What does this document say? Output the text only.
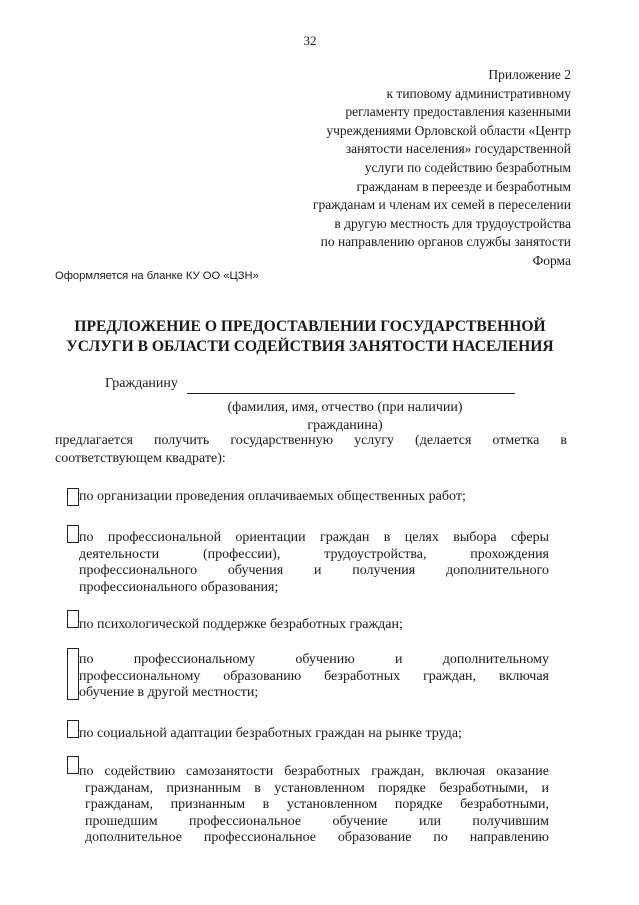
32
Приложение 2
к типовому административному
регламенту предоставления казенными
учреждениями Орловской области «Центр
занятости населения» государственной
услуги по содействию безработным
гражданам в переезде и безработным
гражданам и членам их семей в переселении
в другую местность для трудоустройства
по направлению органов службы занятости
Форма
Оформляется на бланке КУ ОО «ЦЗН»
ПРЕДЛОЖЕНИЕ О ПРЕДОСТАВЛЕНИИ ГОСУДАРСТВЕННОЙ
УСЛУГИ В ОБЛАСТИ СОДЕЙСТВИЯ ЗАНЯТОСТИ НАСЕЛЕНИЯ
Гражданину
(фамилия, имя, отчество (при наличии)
гражданина)
предлагается получить государственную услугу (делается отметка в
соответствующем квадрате):
по организации проведения оплачиваемых общественных работ;
по профессиональной ориентации граждан в целях выбора сферы
деятельности (профессии), трудоустройства, прохождения
профессионального обучения и получения дополнительного
профессионального образования;
по психологической поддержке безработных граждан;
по профессиональному обучению и дополнительному
профессиональному образованию безработных граждан, включая
обучение в другой местности;
по социальной адаптации безработных граждан на рынке труда;
по содействию самозанятости безработных граждан, включая оказание
гражданам, признанным в установленном порядке безработными, и
гражданам, признанным в установленном порядке безработными,
прошедшим профессиональное обучение или получившим
дополнительное профессиональное образование по направлению
